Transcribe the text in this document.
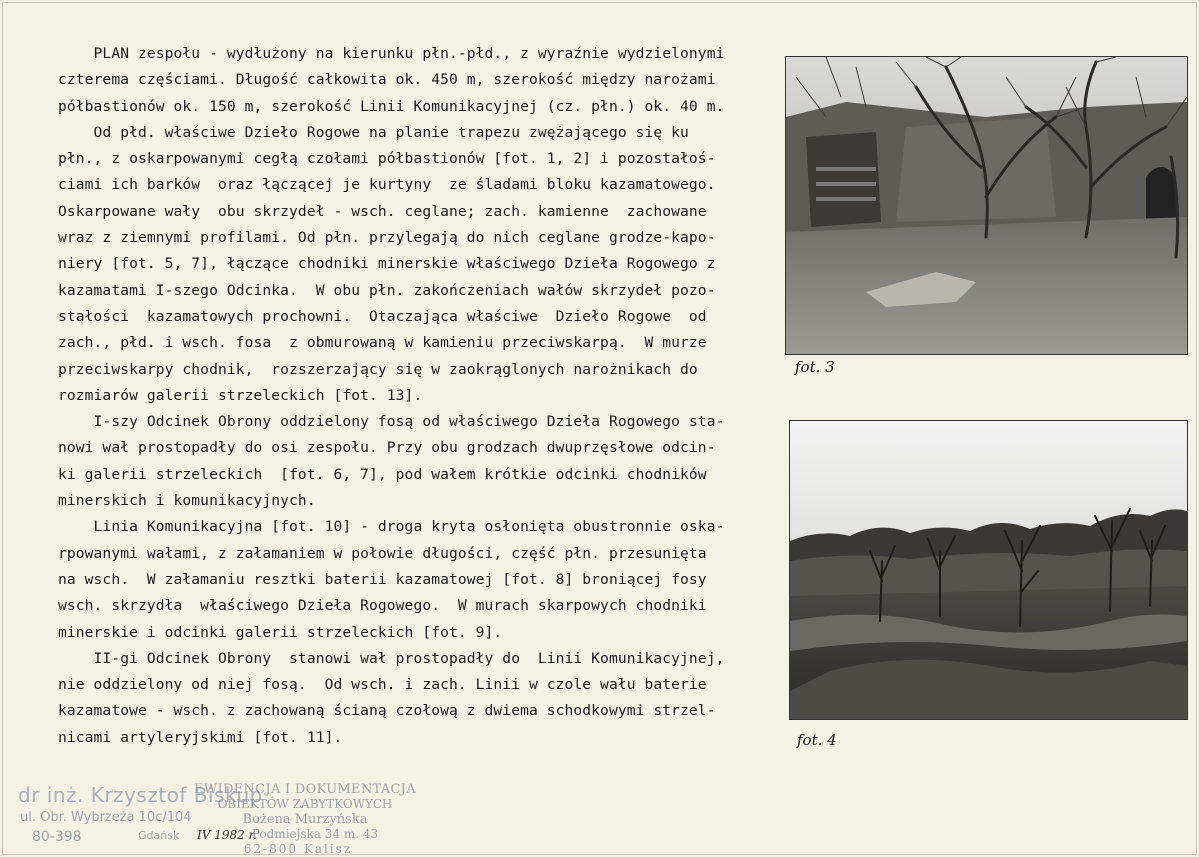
PLAN zespołu - wydłużony na kierunku płn.-płd., z wyraźnie wydzielonymi
czterema częściami. Długość całkowita ok. 450 m, szerokość między narożami
półbastionów ok. 150 m, szerokość Linii Komunikacyjnej (cz. płn.) ok. 40 m.
Od płd. właściwe Dzieło Rogowe na planie trapezu zwężającego się ku
płn., z oskarpowanymi cegłą czołami półbastionów [fot. 1, 2] i pozostałoś-
ciami ich barków  oraz łączącej je kurtyny  ze śladami bloku kazamatowego.
Oskarpowane wały  obu skrzydeł - wsch. ceglane; zach. kamienne  zachowane
wraz z ziemnymi profilami. Od płn. przylegają do nich ceglane grodze-kapo-
niery [fot. 5, 7], łączące chodniki minerskie właściwego Dzieła Rogowego z
kazamatami I-szego Odcinka.  W obu płn. zakończeniach wałów skrzydeł pozo-
stałości  kazamatowych prochowni.  Otaczająca właściwe  Dzieło Rogowe  od
zach., płd. i wsch. fosa  z obmurowaną w kamieniu przeciwskarpą.  W murze
przeciwskarpy chodnik,  rozszerzający się w zaokrąglonych narożnikach do
rozmiarów galerii strzeleckich [fot. 13].
I-szy Odcinek Obrony oddzielony fosą od właściwego Dzieła Rogowego sta-
nowi wał prostopadły do osi zespołu. Przy obu grodzach dwuprzęsłowe odcin-
ki galerii strzeleckich  [fot. 6, 7], pod wałem krótkie odcinki chodników
minerskich i komunikacyjnych.
Linia Komunikacyjna [fot. 10] - droga kryta osłonięta obustronnie oska-
rpowanymi wałami, z załamaniem w połowie długości, część płn. przesunięta
na wsch.  W załamaniu resztki baterii kazamatowej [fot. 8] broniącej fosy
wsch. skrzydła  właściwego Dzieła Rogowego.  W murach skarpowych chodniki
minerskie i odcinki galerii strzeleckich [fot. 9].
II-gi Odcinek Obrony  stanowi wał prostopadły do  Linii Komunikacyjnej,
nie oddzielony od niej fosą.  Od wsch. i zach. Linii w czole wału baterie
kazamatowe - wsch. z zachowaną ścianą czołową z dwiema schodkowymi strzel-
nicami artyleryjskimi [fot. 11].
fot. 3
fot. 4
dr inż. Krzysztof Biskup
ul. Obr. Wybrzeża 10c/104
80-398	Gdańsk IV 1982 r.
EWIDENCJA I DOKUMENTACJA
OBIEKTÓW ZABYTKOWYCH
Bożena Murzyńska
Podmiejska 34 m. 43
62-800 Kalisz
